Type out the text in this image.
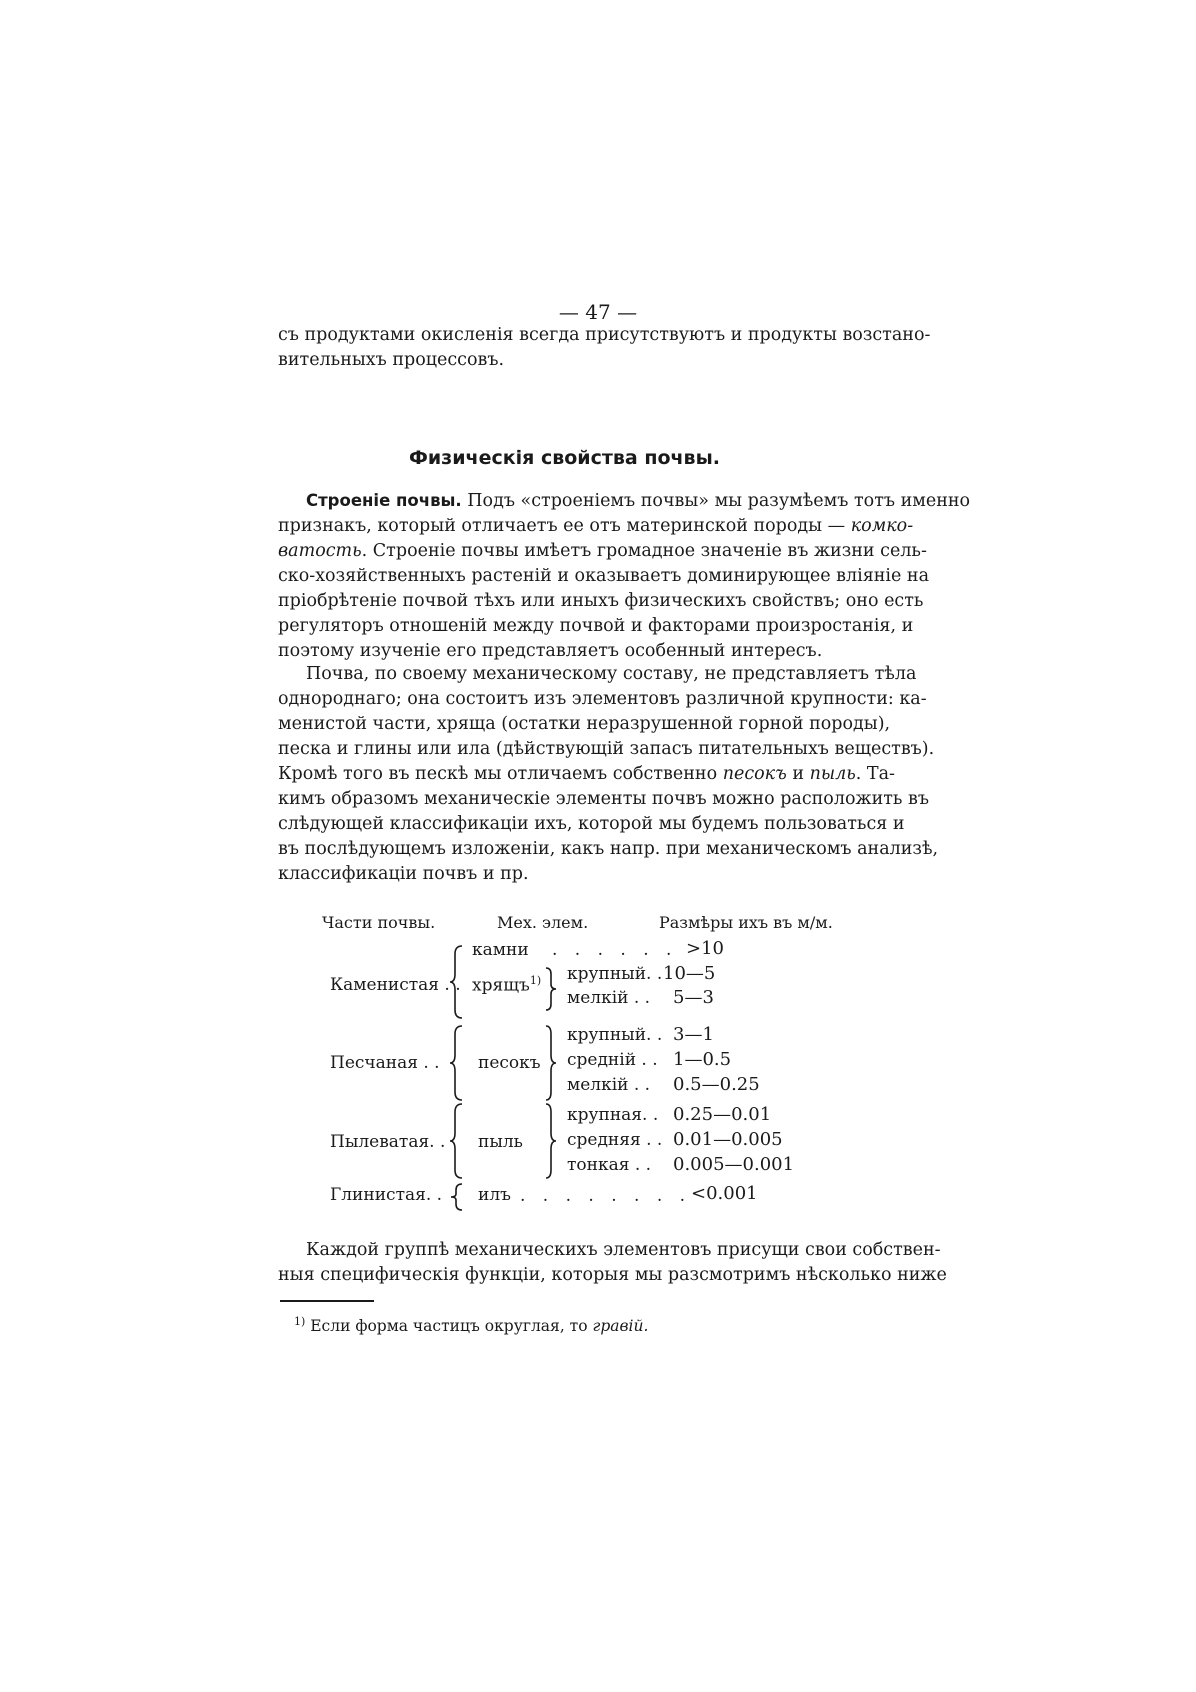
— 47 —
съ продуктами окисленія всегда присутствуютъ и продукты возстано-
вительныхъ процессовъ.
Физическія свойства почвы.
Строеніе почвы. Подъ «строеніемъ почвы» мы разумѣемъ тотъ именно
признакъ, который отличаетъ ее отъ материнской породы — комко-
ватость. Строеніе почвы имѣетъ громадное значеніе въ жизни сель-
ско-хозяйственныхъ растеній и оказываетъ доминирующее вліяніе на
пріобрѣтеніе почвой тѣхъ или иныхъ физическихъ свойствъ; оно есть
регуляторъ отношеній между почвой и факторами произростанія, и
поэтому изученіе его представляетъ особенный интересъ.
Почва, по своему механическому составу, не представляетъ тѣла
однороднаго; она состоитъ изъ элементовъ различной крупности: ка-
менистой части, хряща (остатки неразрушенной горной породы),
песка и глины или ила (дѣйствующій запасъ питательныхъ веществъ).
Кромѣ того въ пескѣ мы отличаемъ собственно песокъ и пыль. Та-
кимъ образомъ механическіе элементы почвъ можно расположить въ
слѣдующей классификаціи ихъ, которой мы будемъ пользоваться и
въ послѣдующемъ изложеніи, какъ напр. при механическомъ анализѣ,
классификаціи почвъ и пр.
Части почвы.	Мех. элем.	Размѣры ихъ въ м/м.
Каменистая . .
Песчаная . .
Пылеватая. .
Глинистая. .
камни
хрящъ$^{1)}$
песокъ
пыль
илъ
. . . . . . >10
крупный. . 10—5
мелкій . . 5—3
крупный. . 3—1
средній . . 1—0.5
мелкій . . 0.5—0.25
крупная. . 0.25—0.01
средняя . . 0.01—0.005
тонкая . . 0.005—0.001
. . . . . . . . <0.001
Каждой группѣ механическихъ элементовъ присущи свои собствен-
ныя специфическія функціи, которыя мы разсмотримъ нѣсколько ниже
$^{1)}$ Если форма частицъ округлая, то гравій.
